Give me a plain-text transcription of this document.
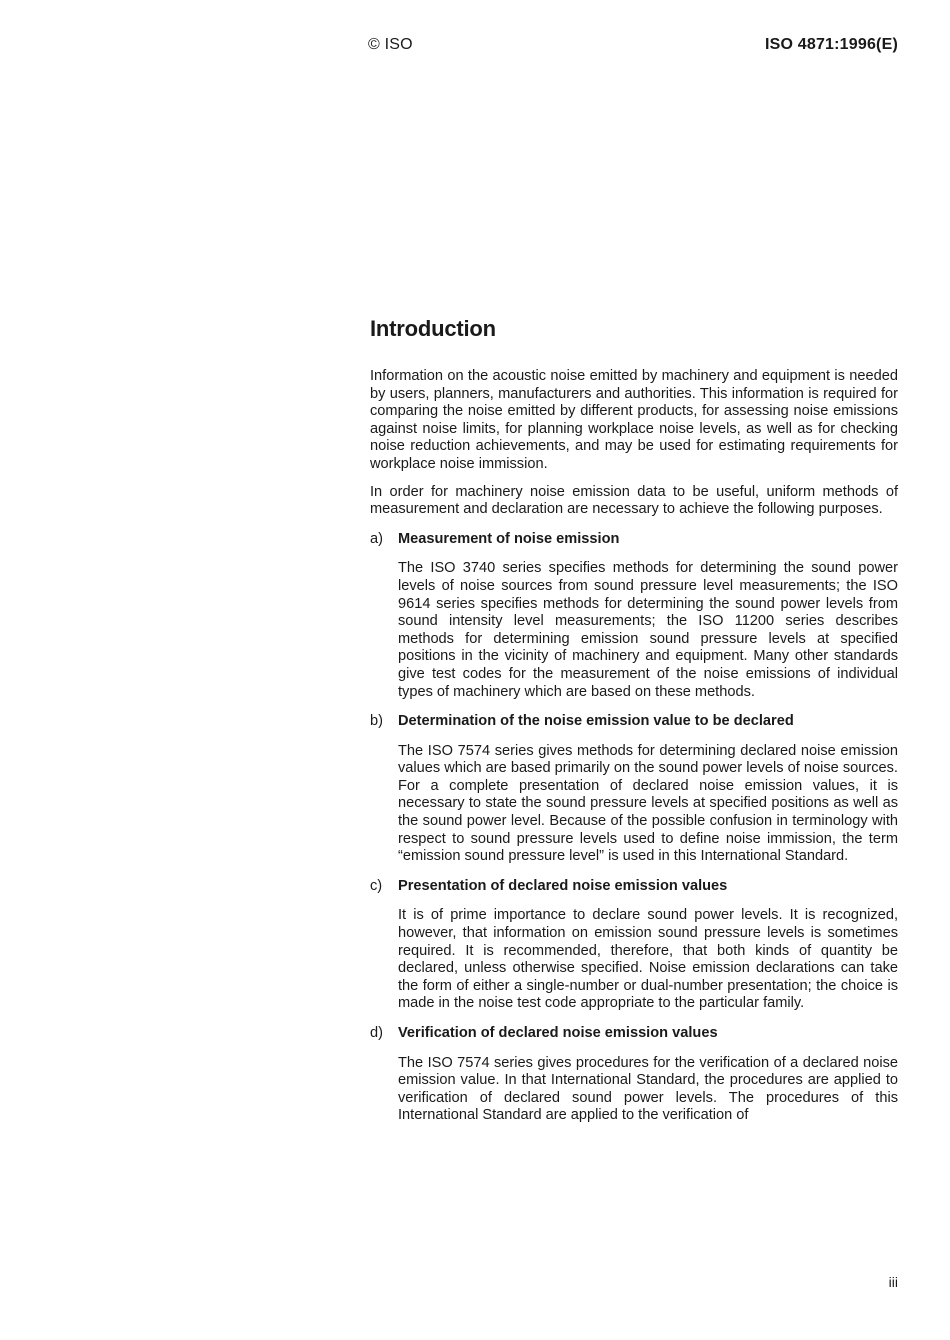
© ISO	ISO 4871:1996(E)
Introduction

Information on the acoustic noise emitted by machinery and equipment is needed by users, planners, manufacturers and authorities. This information is required for comparing the noise emitted by different products, for assessing noise emissions against noise limits, for planning workplace noise levels, as well as for checking noise reduction achievements, and may be used for estimating requirements for workplace noise immission.

In order for machinery noise emission data to be useful, uniform methods of measurement and declaration are necessary to achieve the following purposes.

a)	Measurement of noise emission
The ISO 3740 series specifies methods for determining the sound power levels of noise sources from sound pressure level measurements; the ISO 9614 series specifies methods for determining the sound power levels from sound intensity level measurements; the ISO 11200 series describes methods for determining emission sound pressure levels at specified positions in the vicinity of machinery and equipment. Many other standards give test codes for the measurement of the noise emissions of individual types of machinery which are based on these methods.
b)	Determination of the noise emission value to be declared
The ISO 7574 series gives methods for determining declared noise emission values which are based primarily on the sound power levels of noise sources. For a complete presentation of declared noise emission values, it is necessary to state the sound pressure levels at specified positions as well as the sound power level. Because of the possible confusion in terminology with respect to sound pressure levels used to define noise immission, the term “emission sound pressure level” is used in this International Standard.
c)	Presentation of declared noise emission values
It is of prime importance to declare sound power levels. It is recognized, however, that information on emission sound pressure levels is sometimes required. It is recommended, therefore, that both kinds of quantity be declared, unless otherwise specified. Noise emission declarations can take the form of either a single-number or dual-number presentation; the choice is made in the noise test code appropriate to the particular family.
d)	Verification of declared noise emission values
The ISO 7574 series gives procedures for the verification of a declared noise emission value. In that International Standard, the procedures are applied to verification of declared sound power levels. The procedures of this International Standard are applied to the verification of
iii
